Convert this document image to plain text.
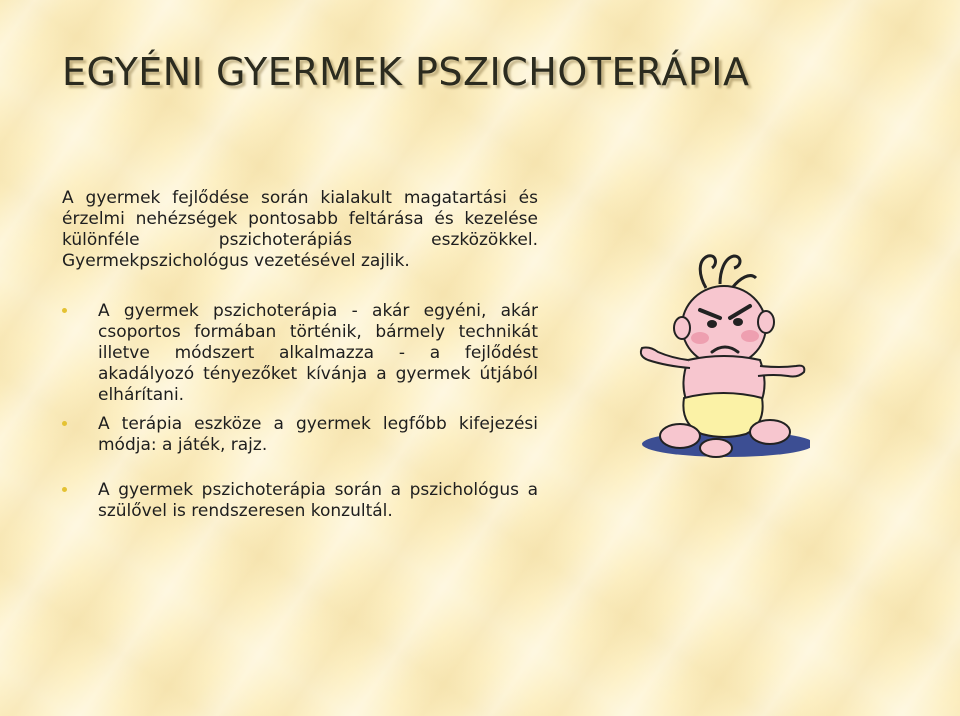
EGYÉNI GYERMEK PSZICHOTERÁPIA
A gyermek fejlődése során kialakult magatartási és érzelmi nehézségek pontosabb feltárása és kezelése különféle pszichoterápiás eszközökkel. Gyermekpszichológus vezetésével zajlik.
A gyermek pszichoterápia - akár egyéni, akár csoportos formában történik, bármely technikát illetve módszert alkalmazza - a fejlődést akadályozó tényezőket kívánja a gyermek útjából elhárítani.
A terápia eszköze a gyermek legfőbb kifejezési módja: a játék, rajz.
A gyermek pszichoterápia során a pszichológus a szülővel is rendszeresen konzultál.
